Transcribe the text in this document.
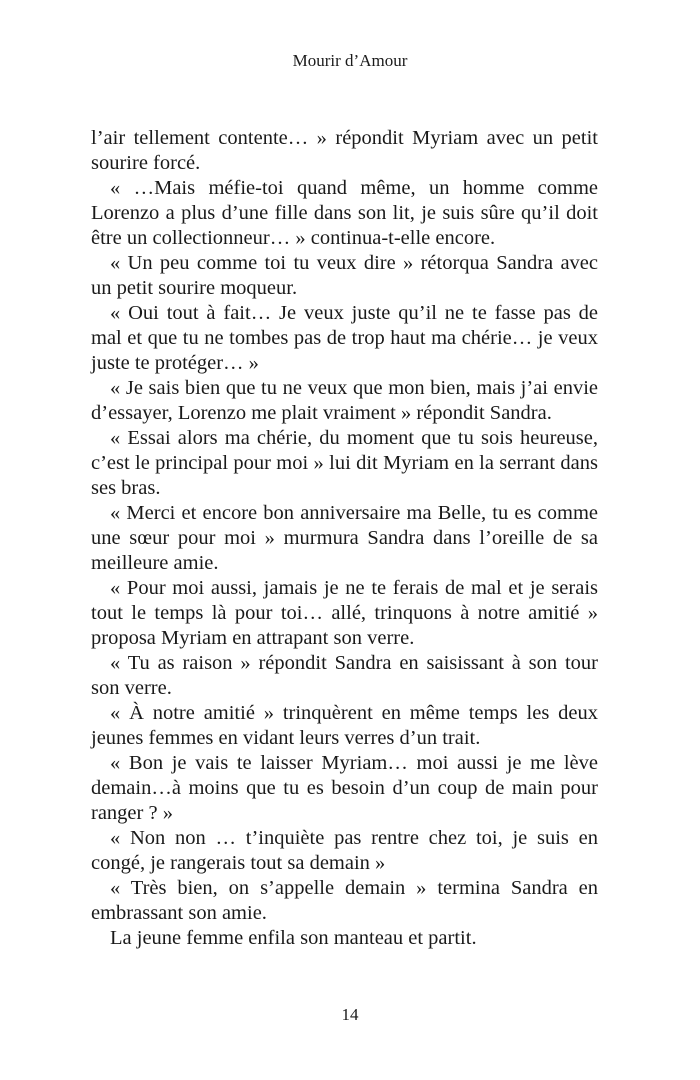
Mourir d’Amour

l’air tellement contente… » répondit Myriam avec un petit sourire forcé.

« …Mais méfie-toi quand même, un homme comme Lorenzo a plus d’une fille dans son lit, je suis sûre qu’il doit être un collectionneur… » continua-t-elle encore.

« Un peu comme toi tu veux dire » rétorqua Sandra avec un petit sourire moqueur.

« Oui tout à fait… Je veux juste qu’il ne te fasse pas de mal et que tu ne tombes pas de trop haut ma chérie… je veux juste te protéger… »

« Je sais bien que tu ne veux que mon bien, mais j’ai envie d’essayer, Lorenzo me plait vraiment » répondit Sandra.

« Essai alors ma chérie, du moment que tu sois heureuse, c’est le principal pour moi » lui dit Myriam en la serrant dans ses bras.

« Merci et encore bon anniversaire ma Belle, tu es comme une sœur pour moi » murmura Sandra dans l’oreille de sa meilleure amie.

« Pour moi aussi, jamais je ne te ferais de mal et je serais tout le temps là pour toi… allé, trinquons à notre amitié » proposa Myriam en attrapant son verre.

« Tu as raison » répondit Sandra en saisissant à son tour son verre.

« À notre amitié » trinquèrent en même temps les deux jeunes femmes en vidant leurs verres d’un trait.

« Bon je vais te laisser Myriam… moi aussi je me lève demain…à moins que tu es besoin d’un coup de main pour ranger ? »

« Non non … t’inquiète pas rentre chez toi, je suis en congé, je rangerais tout sa demain »

« Très bien, on s’appelle demain » termina Sandra en embrassant son amie.

La jeune femme enfila son manteau et partit.

14
